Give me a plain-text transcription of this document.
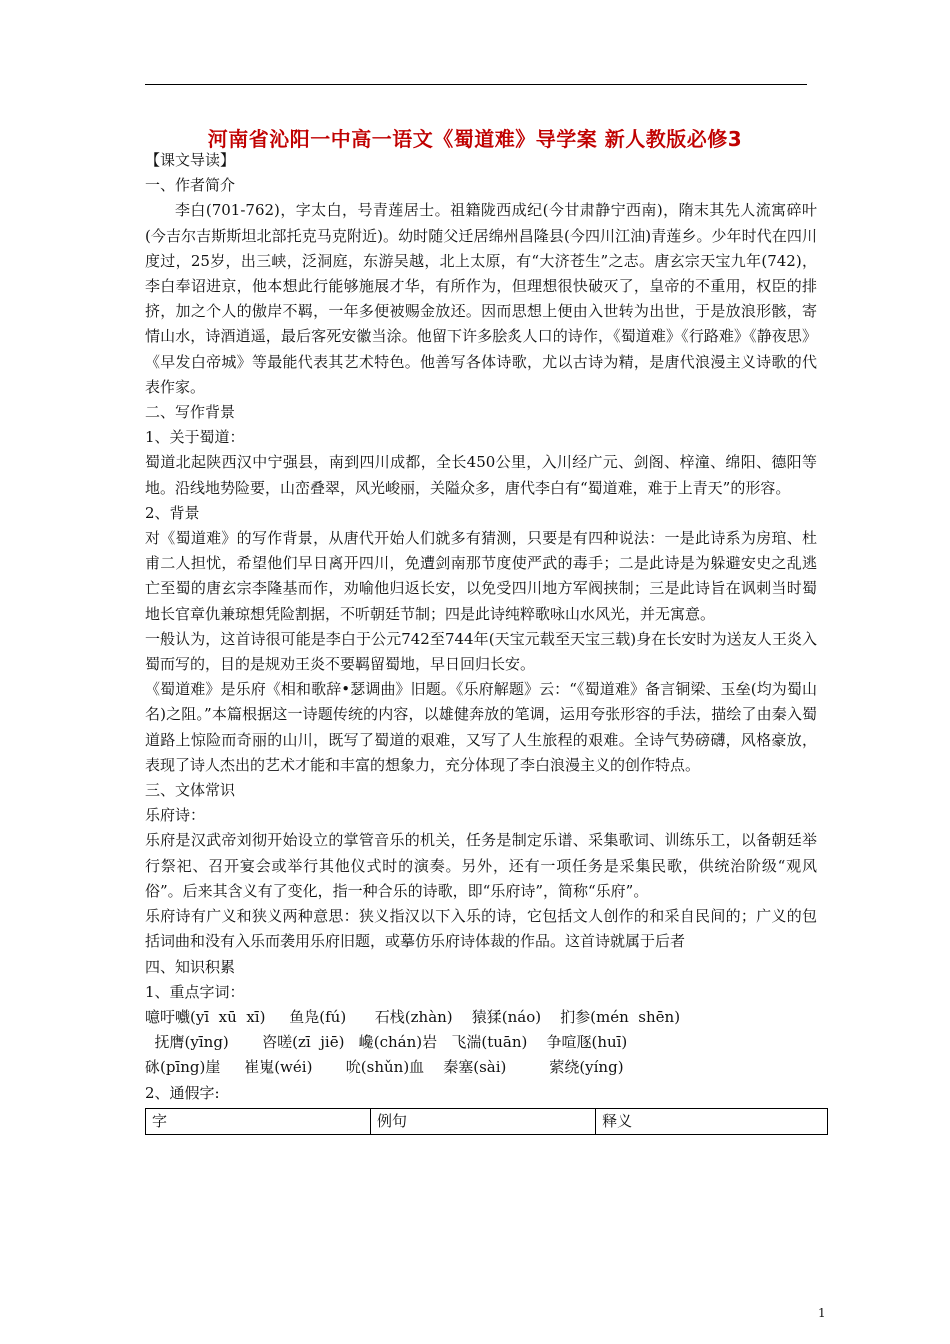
河南省沁阳一中高一语文《蜀道难》导学案 新人教版必修3

【课文导读】

一、作者简介

李白(701-762)，字太白，号青莲居士。祖籍陇西成纪(今甘肃静宁西南)，隋末其先人流寓碎叶(今吉尔吉斯斯坦北部托克马克附近)。幼时随父迁居绵州昌隆县(今四川江油)青莲乡。少年时代在四川度过，25岁，出三峡，泛洞庭，东游吴越，北上太原，有“大济苍生”之志。唐玄宗天宝九年(742)，李白奉诏进京，他本想此行能够施展才华，有所作为，但理想很快破灭了，皇帝的不重用，权臣的排挤，加之个人的傲岸不羁，一年多便被赐金放还。因而思想上便由入世转为出世，于是放浪形骸，寄情山水，诗酒逍遥，最后客死安徽当涂。他留下许多脍炙人口的诗作，《蜀道难》《行路难》《静夜思》《早发白帝城》等最能代表其艺术特色。他善写各体诗歌，尤以古诗为精，是唐代浪漫主义诗歌的代表作家。

二、写作背景

1、关于蜀道：

蜀道北起陕西汉中宁强县，南到四川成都，全长450公里，入川经广元、剑阁、梓潼、绵阳、德阳等地。沿线地势险要，山峦叠翠，风光峻丽，关隘众多，唐代李白有“蜀道难，难于上青天”的形容。

2、背景

对《蜀道难》的写作背景，从唐代开始人们就多有猜测，只要是有四种说法：一是此诗系为房琯、杜甫二人担忧，希望他们早日离开四川，免遭剑南那节度使严武的毒手；二是此诗是为躲避安史之乱逃亡至蜀的唐玄宗李隆基而作，劝喻他归返长安，以免受四川地方军阀挟制；三是此诗旨在讽刺当时蜀地长官章仇兼琼想凭险割据，不听朝廷节制；四是此诗纯粹歌咏山水风光，并无寓意。

一般认为，这首诗很可能是李白于公元742至744年(天宝元载至天宝三载)身在长安时为送友人王炎入蜀而写的，目的是规劝王炎不要羁留蜀地，早日回归长安。

《蜀道难》是乐府《相和歌辞•瑟调曲》旧题。《乐府解题》云：“《蜀道难》备言铜梁、玉垒(均为蜀山名)之阻。”本篇根据这一诗题传统的内容，以雄健奔放的笔调，运用夸张形容的手法，描绘了由秦入蜀道路上惊险而奇丽的山川，既写了蜀道的艰难，又写了人生旅程的艰难。全诗气势磅礴，风格豪放，表现了诗人杰出的艺术才能和丰富的想象力，充分体现了李白浪漫主义的创作特点。

三、文体常识

乐府诗：

乐府是汉武帝刘彻开始设立的掌管音乐的机关，任务是制定乐谱、采集歌词、训练乐工，以备朝廷举行祭祀、召开宴会或举行其他仪式时的演奏。另外，还有一项任务是采集民歌，供统治阶级“观风俗”。后来其含义有了变化，指一种合乐的诗歌，即“乐府诗”，简称“乐府”。

乐府诗有广义和狭义两种意思：狭义指汉以下入乐的诗，它包括文人创作的和采自民间的；广义的包括词曲和没有入乐而袭用乐府旧题，或摹仿乐府诗体裁的作品。这首诗就属于后者

四、知识积累

1、重点字词：

噫吁嚱(yī  xū  xī)     鱼凫(fú)      石栈(zhàn)    猿猱(náo)    扪参(mén  shēn)

抚膺(yīng)       咨嗟(zī  jiē)   巉(chán)岩   飞湍(tuān)    争喧豗(huī)

砯(pīng)崖     崔嵬(wéi)       吮(shǔn)血    秦塞(sài)         萦绕(yíng)

2、通假字:

字	例句	释义
1
